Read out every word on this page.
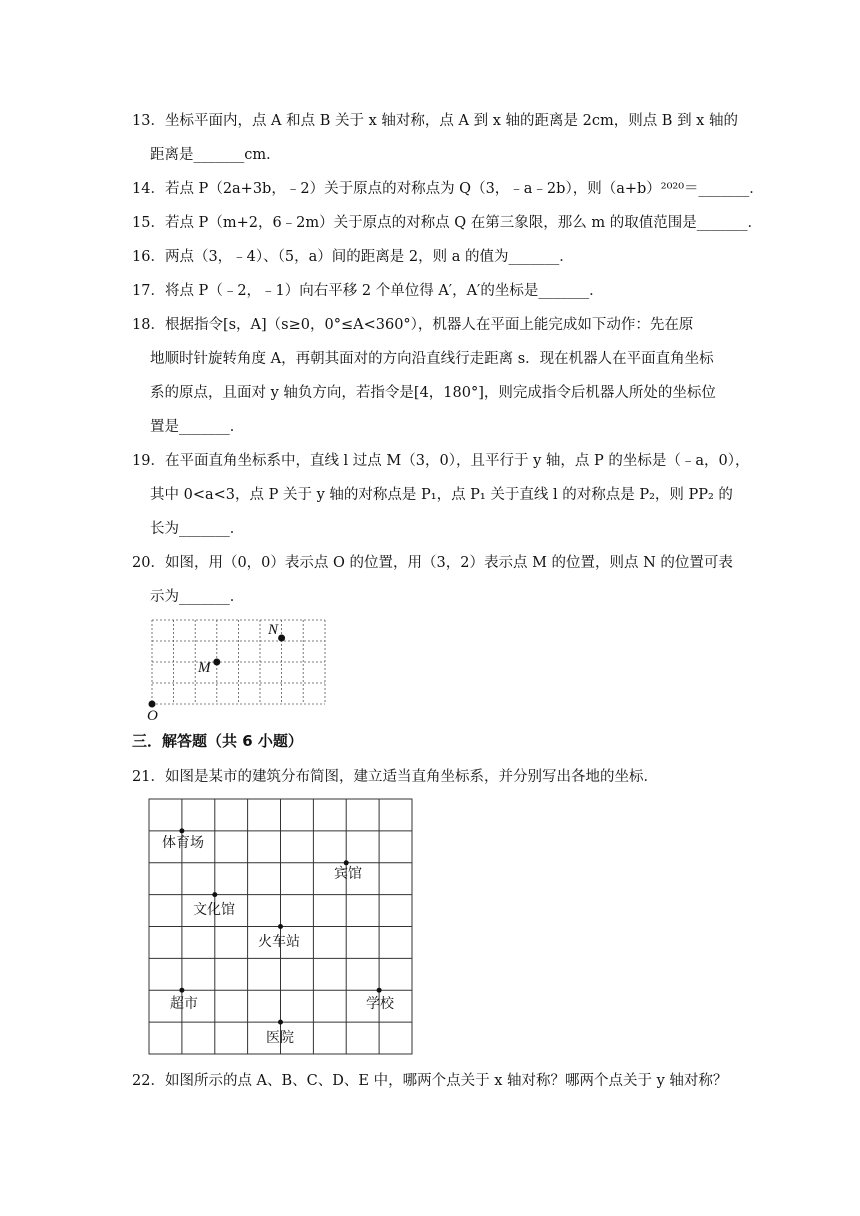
13．坐标平面内，点 A 和点 B 关于 x 轴对称，点 A 到 x 轴的距离是 2cm，则点 B 到 x 轴的
距离是_______cm．
14．若点 P（2a+3b，﹣2）关于原点的对称点为 Q（3，﹣a﹣2b），则（a+b）²⁰²⁰＝_______．
15．若点 P（m+2，6﹣2m）关于原点的对称点 Q 在第三象限，那么 m 的取值范围是_______．
16．两点（3，﹣4）、（5，a）间的距离是 2，则 a 的值为_______．
17．将点 P（﹣2，﹣1）向右平移 2 个单位得 A′，A′的坐标是_______．
18．根据指令[s，A]（s≥0，0°≤A<360°），机器人在平面上能完成如下动作：先在原
地顺时针旋转角度 A，再朝其面对的方向沿直线行走距离 s．现在机器人在平面直角坐标
系的原点，且面对 y 轴负方向，若指令是[4，180°]，则完成指令后机器人所处的坐标位
置是_______．
19．在平面直角坐标系中，直线 l 过点 M（3，0），且平行于 y 轴，点 P 的坐标是（﹣a，0），
其中 0<a<3，点 P 关于 y 轴的对称点是 P₁，点 P₁ 关于直线 l 的对称点是 P₂，则 PP₂ 的
长为_______．
20．如图，用（0，0）表示点 O 的位置，用（3，2）表示点 M 的位置，则点 N 的位置可表
示为_______．
N
M
O
三．解答题（共 6 小题）
21．如图是某市的建筑分布简图，建立适当直角坐标系，并分别写出各地的坐标．
体育场
宾馆
文化馆
火车站
超市	学校
医院
22．如图所示的点 A、B、C、D、E 中，哪两个点关于 x 轴对称？哪两个点关于 y 轴对称？
